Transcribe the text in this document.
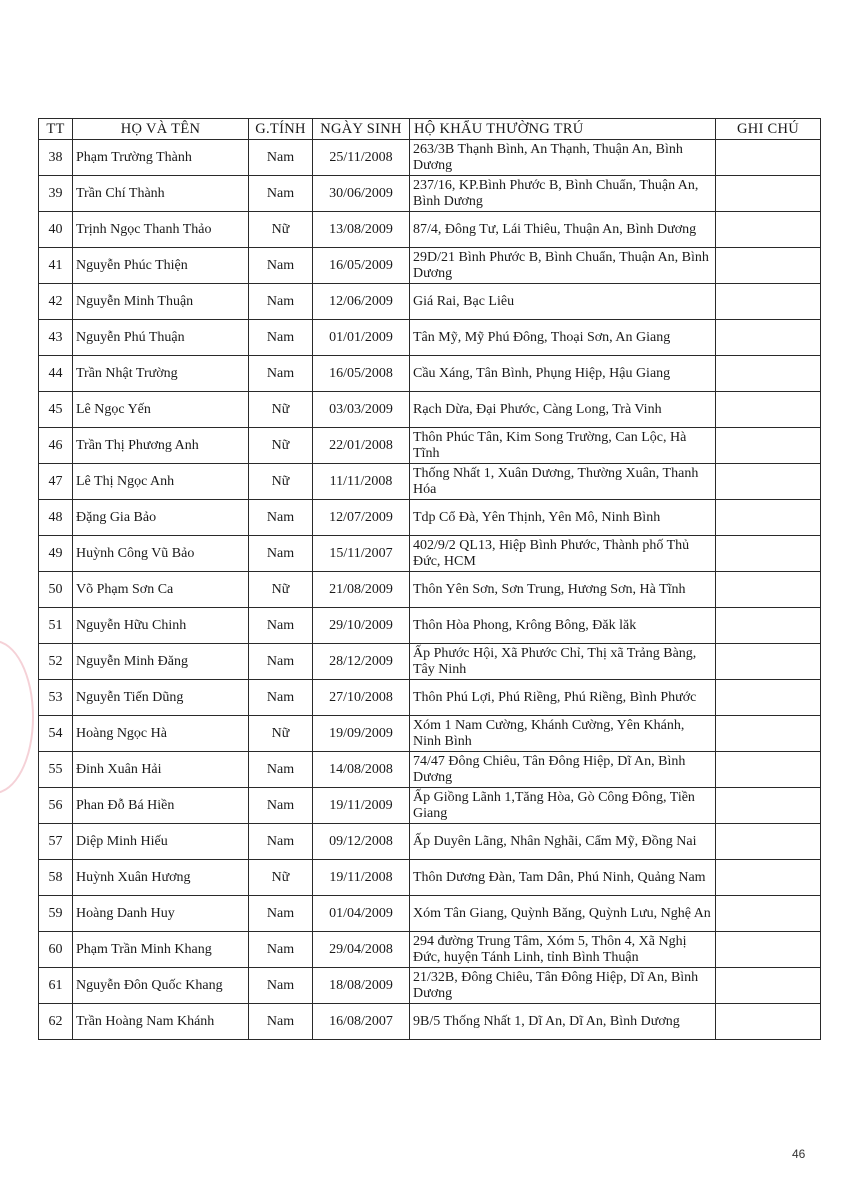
TT	HỌ VÀ TÊN	G.TÍNH	NGÀY SINH	HỘ KHẨU THƯỜNG TRÚ	GHI CHÚ
38	Phạm Trường Thành	Nam	25/11/2008	263/3B Thạnh Bình, An Thạnh, Thuận An, Bình Dương	
39	Trần Chí Thành	Nam	30/06/2009	237/16, KP.Bình Phước B, Bình Chuẩn, Thuận An, Bình Dương	
40	Trịnh Ngọc Thanh Thảo	Nữ	13/08/2009	87/4, Đông Tư, Lái Thiêu, Thuận An, Bình Dương	
41	Nguyễn Phúc Thiện	Nam	16/05/2009	29D/21 Bình Phước B, Bình Chuẩn, Thuận An, Bình Dương	
42	Nguyễn Minh Thuận	Nam	12/06/2009	Giá Rai, Bạc Liêu	
43	Nguyễn Phú Thuận	Nam	01/01/2009	Tân Mỹ, Mỹ Phú Đông, Thoại Sơn, An Giang	
44	Trần Nhật Trường	Nam	16/05/2008	Cầu Xáng, Tân Bình, Phụng Hiệp, Hậu Giang	
45	Lê Ngọc Yến	Nữ	03/03/2009	Rạch Dừa, Đại Phước, Càng Long, Trà Vinh	
46	Trần Thị Phương Anh	Nữ	22/01/2008	Thôn Phúc Tân, Kim Song Trường, Can Lộc, Hà Tĩnh	
47	Lê Thị Ngọc Anh	Nữ	11/11/2008	Thống Nhất 1, Xuân Dương, Thường Xuân, Thanh Hóa	
48	Đặng Gia Bảo	Nam	12/07/2009	Tdp Cổ Đà, Yên Thịnh, Yên Mô, Ninh Bình	
49	Huỳnh Công Vũ Bảo	Nam	15/11/2007	402/9/2 QL13, Hiệp Bình Phước, Thành phố Thủ Đức, HCM	
50	Võ Phạm Sơn Ca	Nữ	21/08/2009	Thôn Yên Sơn, Sơn Trung, Hương Sơn, Hà Tĩnh	
51	Nguyễn Hữu Chinh	Nam	29/10/2009	Thôn Hòa Phong, Krông Bông, Đăk lăk	
52	Nguyễn Minh Đăng	Nam	28/12/2009	Ấp Phước Hội, Xã Phước Chỉ, Thị xã Trảng Bàng, Tây Ninh	
53	Nguyễn Tiến Dũng	Nam	27/10/2008	Thôn Phú Lợi, Phú Riềng, Phú Riềng, Bình Phước	
54	Hoàng Ngọc Hà	Nữ	19/09/2009	Xóm 1 Nam Cường, Khánh Cường, Yên Khánh, Ninh Bình	
55	Đinh Xuân Hải	Nam	14/08/2008	74/47 Đông Chiêu, Tân Đông Hiệp, Dĩ An, Bình Dương	
56	Phan Đỗ Bá Hiền	Nam	19/11/2009	Ấp Giồng Lãnh 1,Tăng Hòa, Gò Công Đông, Tiền Giang	
57	Diệp Minh Hiếu	Nam	09/12/2008	Ấp Duyên Lãng, Nhân Nghãi, Cẩm Mỹ, Đồng Nai	
58	Huỳnh Xuân Hương	Nữ	19/11/2008	Thôn Dương Đàn, Tam Dân, Phú Ninh, Quảng Nam	
59	Hoàng Danh Huy	Nam	01/04/2009	Xóm Tân Giang, Quỳnh Băng, Quỳnh Lưu, Nghệ An	
60	Phạm Trần Minh Khang	Nam	29/04/2008	294 đường Trung Tâm, Xóm 5, Thôn 4, Xã Nghị Đức, huyện Tánh Linh, tỉnh Bình Thuận	
61	Nguyễn Đôn Quốc Khang	Nam	18/08/2009	21/32B, Đông Chiêu, Tân Đông Hiệp, Dĩ An, Bình Dương	
62	Trần Hoàng Nam Khánh	Nam	16/08/2007	9B/5 Thống Nhất 1, Dĩ An, Dĩ An, Bình Dương	
46
